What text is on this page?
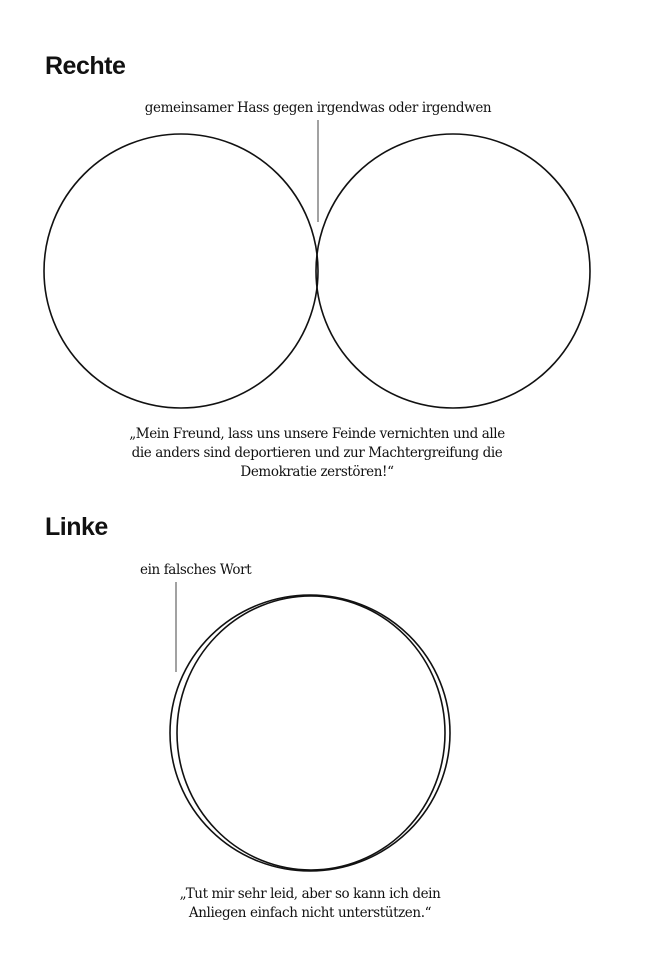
Rechte
gemeinsamer Hass gegen irgendwas oder irgendwen
„Mein Freund, lass uns unsere Feinde vernichten und alle
die anders sind deportieren und zur Machtergreifung die
Demokratie zerstören!“
Linke
ein falsches Wort
„Tut mir sehr leid, aber so kann ich dein
Anliegen einfach nicht unterstützen.“
